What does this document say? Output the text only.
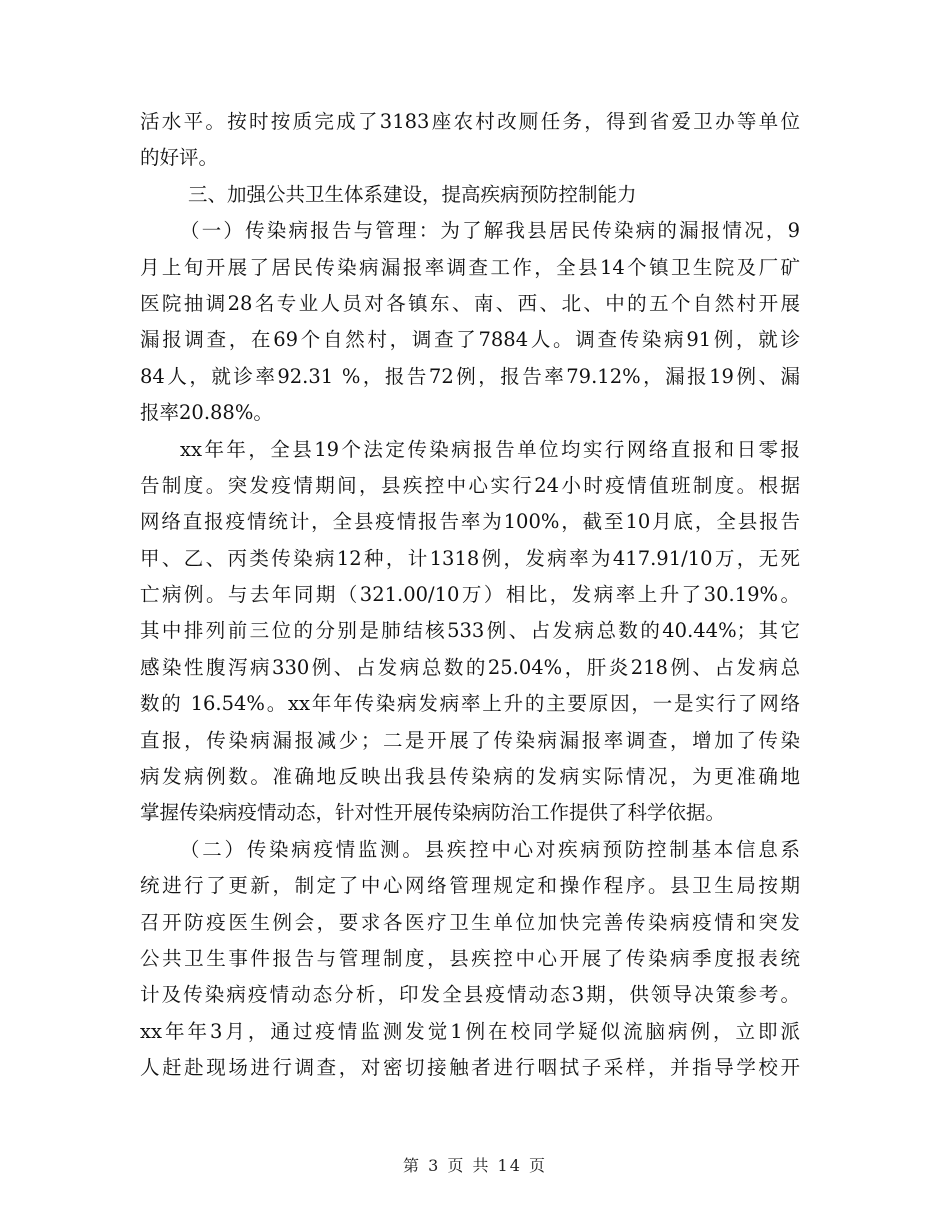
活水平。按时按质完成了3183座农村改厕任务，得到省爱卫办等单位
的好评。
三、加强公共卫生体系建设，提高疾病预防控制能力
（一）传染病报告与管理：为了解我县居民传染病的漏报情况，9
月上旬开展了居民传染病漏报率调查工作，全县14个镇卫生院及厂矿
医院抽调28名专业人员对各镇东、南、西、北、中的五个自然村开展
漏报调查，在69个自然村，调查了7884人。调查传染病91例，就诊
84人，就诊率92.31 %，报告72例，报告率79.12%，漏报19例、漏
报率20.88%。
xx年年，全县19个法定传染病报告单位均实行网络直报和日零报
告制度。突发疫情期间，县疾控中心实行24小时疫情值班制度。根据
网络直报疫情统计，全县疫情报告率为100%，截至10月底，全县报告
甲、乙、丙类传染病12种，计1318例，发病率为417.91/10万，无死
亡病例。与去年同期（321.00/10万）相比，发病率上升了30.19%。
其中排列前三位的分别是肺结核533例、占发病总数的40.44%；其它
感染性腹泻病330例、占发病总数的25.04%，肝炎218例、占发病总
数的 16.54%。xx年年传染病发病率上升的主要原因，一是实行了网络
直报，传染病漏报减少；二是开展了传染病漏报率调查，增加了传染
病发病例数。准确地反映出我县传染病的发病实际情况，为更准确地
掌握传染病疫情动态，针对性开展传染病防治工作提供了科学依据。
（二）传染病疫情监测。县疾控中心对疾病预防控制基本信息系
统进行了更新，制定了中心网络管理规定和操作程序。县卫生局按期
召开防疫医生例会，要求各医疗卫生单位加快完善传染病疫情和突发
公共卫生事件报告与管理制度，县疾控中心开展了传染病季度报表统
计及传染病疫情动态分析，印发全县疫情动态3期，供领导决策参考。
xx年年3月，通过疫情监测发觉1例在校同学疑似流脑病例，立即派
人赶赴现场进行调查，对密切接触者进行咽拭子采样，并指导学校开
第 3 页 共 14 页
